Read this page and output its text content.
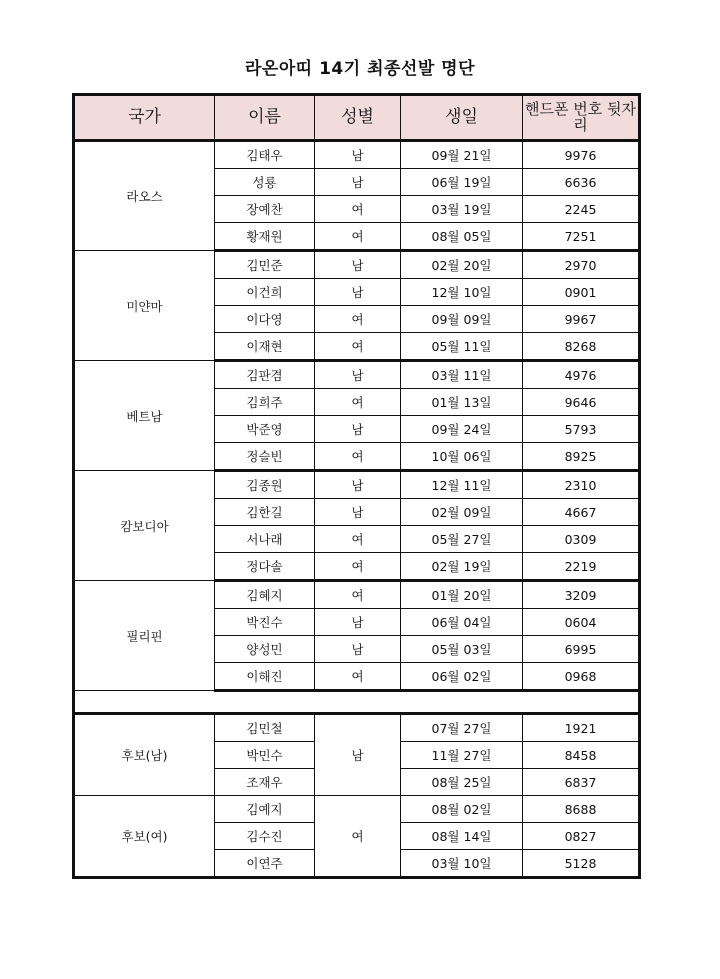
라온아띠 14기 최종선발 명단
국가	이름	성별	생일	핸드폰 번호 뒷자리
라오스	김태우	남	09월 21일	9976
	성룡	남	06월 19일	6636
	장예찬	여	03월 19일	2245
	황재원	여	08월 05일	7251
미얀마	김민준	남	02월 20일	2970
	이건희	남	12월 10일	0901
	이다영	여	09월 09일	9967
	이재현	여	05월 11일	8268
베트남	김판겸	남	03월 11일	4976
	김희주	여	01월 13일	9646
	박준영	남	09월 24일	5793
	정슬빈	여	10월 06일	8925
캄보디아	김종원	남	12월 11일	2310
	김한길	남	02월 09일	4667
	서나래	여	05월 27일	0309
	정다솔	여	02월 19일	2219
필리핀	김혜지	여	01월 20일	3209
	박진수	남	06월 04일	0604
	양성민	남	05월 03일	6995
	이해진	여	06월 02일	0968

후보(남)	김민철	남	07월 27일	1921
	박민수		11월 27일	8458
	조재우		08월 25일	6837
후보(여)	김예지	여	08월 02일	8688
	김수진		08월 14일	0827
	이연주		03월 10일	5128
